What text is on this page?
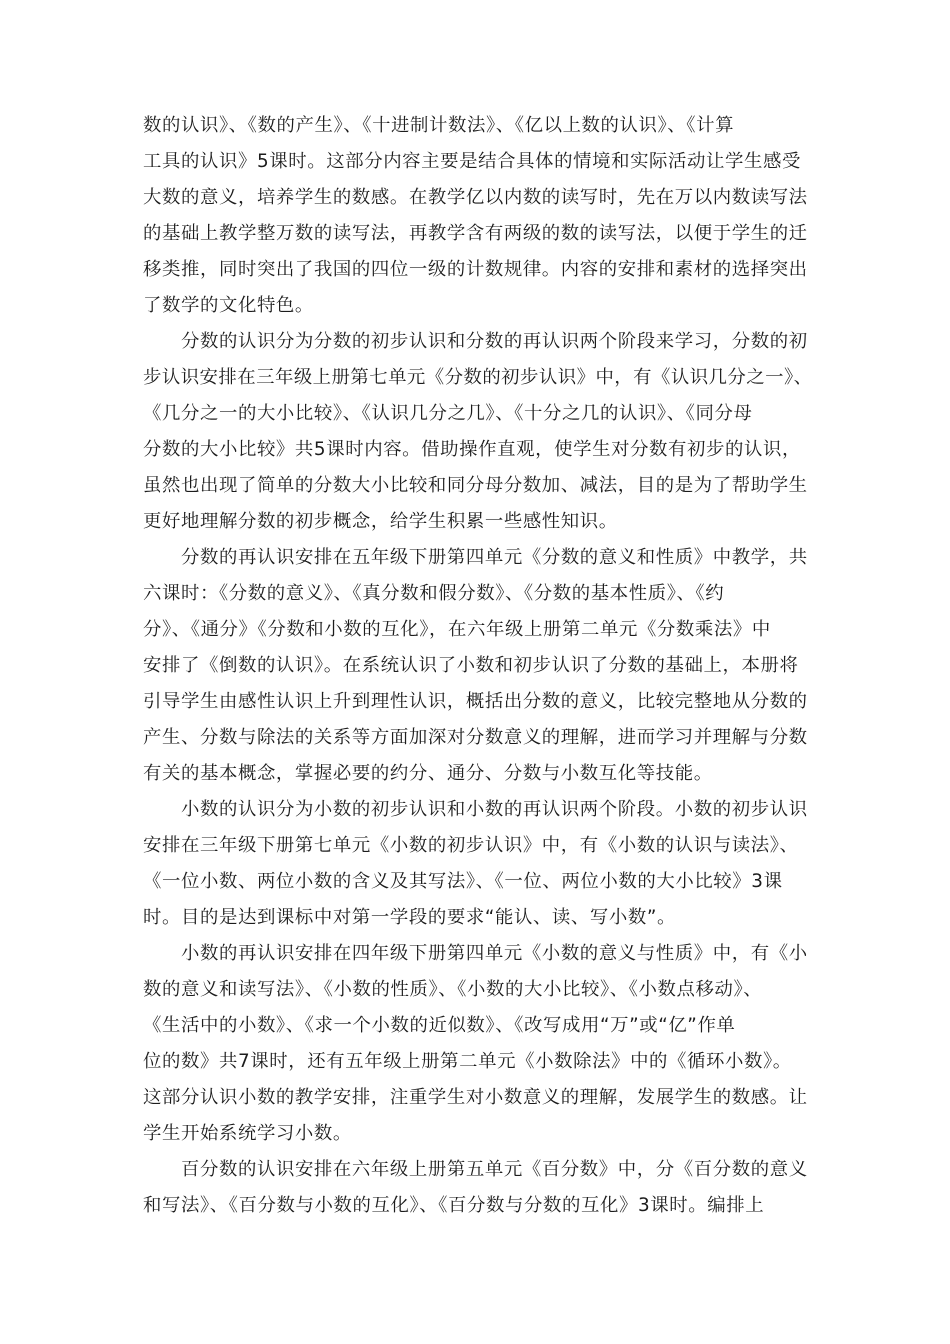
数的认识》、《数的产生》、《十进制计数法》、《亿以上数的认识》、《计算
工具的认识》5课时。这部分内容主要是结合具体的情境和实际活动让学生感受
大数的意义，培养学生的数感。在教学亿以内数的读写时，先在万以内数读写法
的基础上教学整万数的读写法，再教学含有两级的数的读写法，以便于学生的迁
移类推，同时突出了我国的四位一级的计数规律。内容的安排和素材的选择突出
了数学的文化特色。
分数的认识分为分数的初步认识和分数的再认识两个阶段来学习，分数的初
步认识安排在三年级上册第七单元《分数的初步认识》中，有《认识几分之一》、
《几分之一的大小比较》、《认识几分之几》、《十分之几的认识》、《同分母
分数的大小比较》共5课时内容。借助操作直观，使学生对分数有初步的认识，
虽然也出现了简单的分数大小比较和同分母分数加、减法，目的是为了帮助学生
更好地理解分数的初步概念，给学生积累一些感性知识。
分数的再认识安排在五年级下册第四单元《分数的意义和性质》中教学，共
六课时：《分数的意义》、《真分数和假分数》、《分数的基本性质》、《约
分》、《通分》《分数和小数的互化》，在六年级上册第二单元《分数乘法》中
安排了《倒数的认识》。在系统认识了小数和初步认识了分数的基础上，本册将
引导学生由感性认识上升到理性认识，概括出分数的意义，比较完整地从分数的
产生、分数与除法的关系等方面加深对分数意义的理解，进而学习并理解与分数
有关的基本概念，掌握必要的约分、通分、分数与小数互化等技能。
小数的认识分为小数的初步认识和小数的再认识两个阶段。小数的初步认识
安排在三年级下册第七单元《小数的初步认识》中，有《小数的认识与读法》、
《一位小数、两位小数的含义及其写法》、《一位、两位小数的大小比较》3课
时。目的是达到课标中对第一学段的要求“能认、读、写小数”。
小数的再认识安排在四年级下册第四单元《小数的意义与性质》中，有《小
数的意义和读写法》、《小数的性质》、《小数的大小比较》、《小数点移动》、
《生活中的小数》、《求一个小数的近似数》、《改写成用“万”或“亿”作单
位的数》共7课时，还有五年级上册第二单元《小数除法》中的《循环小数》。
这部分认识小数的教学安排，注重学生对小数意义的理解，发展学生的数感。让
学生开始系统学习小数。
百分数的认识安排在六年级上册第五单元《百分数》中，分《百分数的意义
和写法》、《百分数与小数的互化》、《百分数与分数的互化》3课时。编排上
